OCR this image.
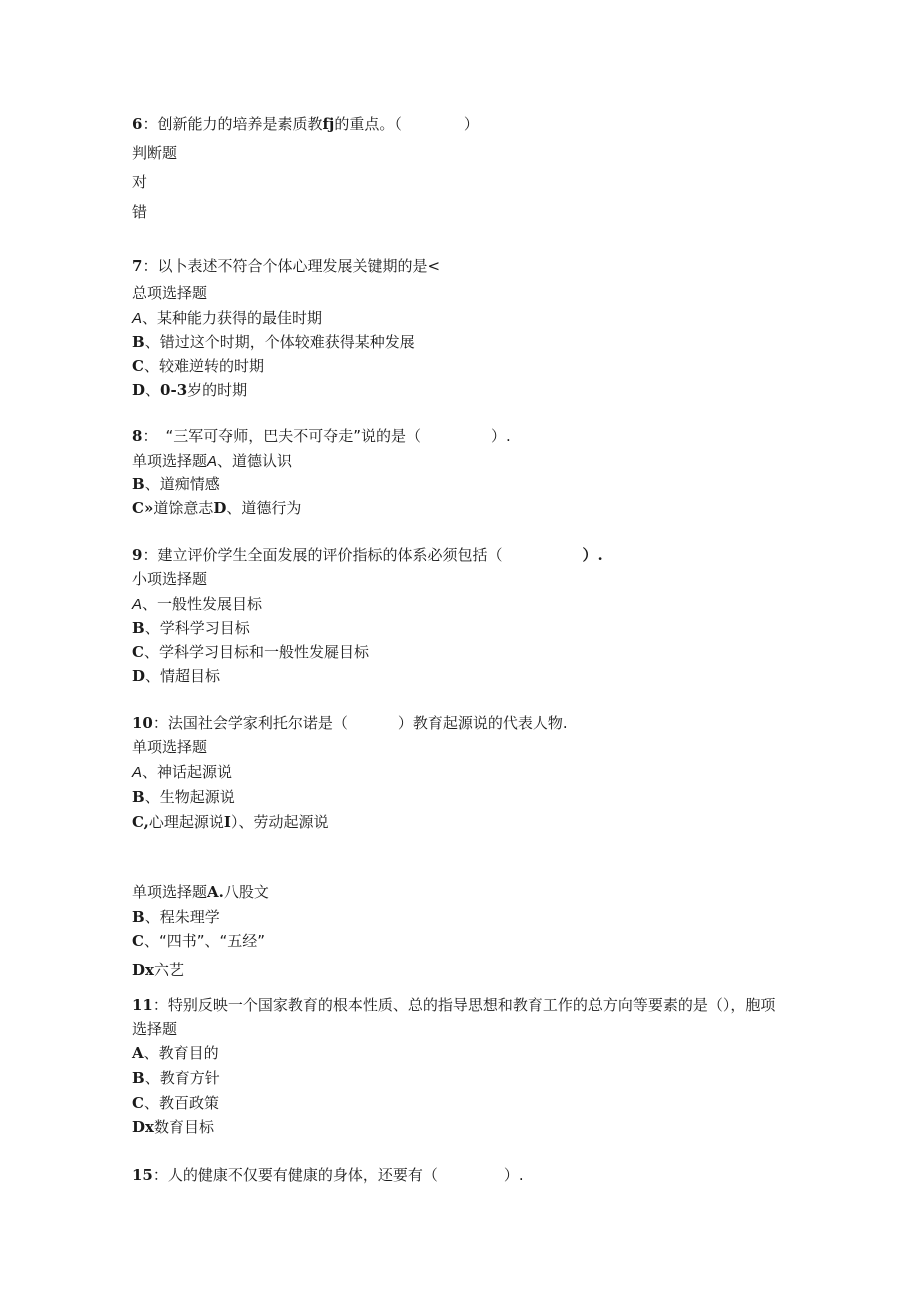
6：创新能力的培养是素质教fj的重点。（	）
判断题
对
错
7：以卜表述不符合个体心理发展关键期的是<
总项选择题
A、某种能力获得的最佳时期
B、错过这个时期，个体较难获得某种发展
C、较难逆转的时期
D、0-3岁的时期
8： “三军可夺师，巴夫不可夺走”说的是（	）.
单项选择题A、道德认识
B、道痴情感
C»道馀意志D、道德行为
9：建立评价学生全面发展的评价指标的体系必须包括（	）.
小项选择题
A、一般性发展目标
B、学科学习目标
C、学科学习目标和一般性发屣目标
D、情超目标
10：法国社会学家利托尔诺是（	）教育起源说的代表人物.
单项选择题
A、神话起源说
B、生物起源说
C,心理起源说I）、劳动起源说
单项选择题A.八股文
B、程朱理学
C、“四书”、“五经”
Dx六艺
11：特别反映一个国家教育的根本性质、总的指导思想和教育工作的总方向等要素的是（），胞项
选择题
A、教育目的
B、教育方针
C、教百政策
Dx数育目标
15：人的健康不仅要有健康的身体，还要有（	）.
